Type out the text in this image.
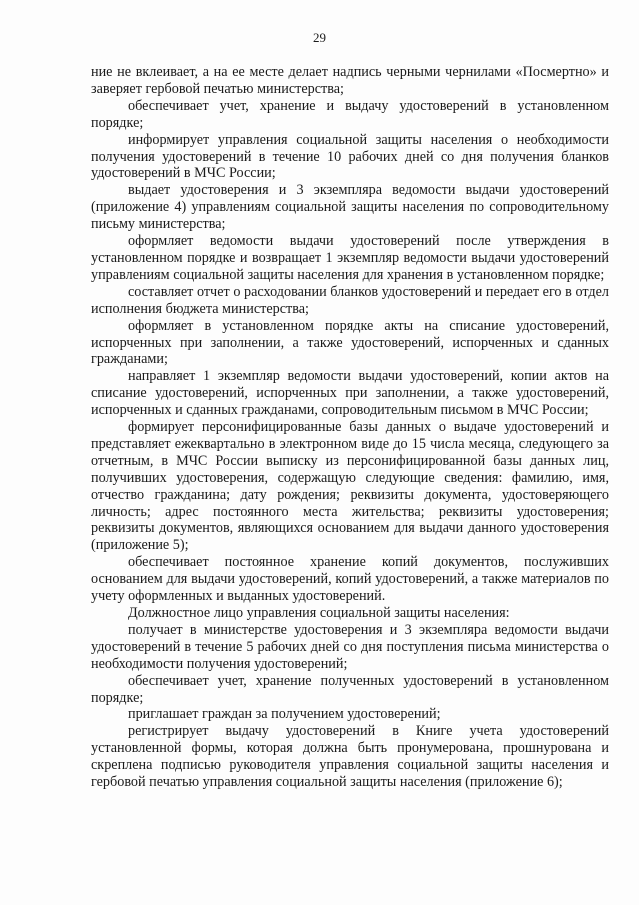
29

ние не вклеивает, а на ее месте делает надпись черными чернилами «Посмертно» и заверяет гербовой печатью министерства;

обеспечивает учет, хранение и выдачу удостоверений в установленном порядке;

информирует управления социальной защиты населения о необходимости получения удостоверений в течение 10 рабочих дней со дня получения бланков удостоверений в МЧС России;

выдает удостоверения и 3 экземпляра ведомости выдачи удостоверений (приложение 4) управлениям социальной защиты населения по сопроводительному письму министерства;

оформляет ведомости выдачи удостоверений после утверждения в установленном порядке и возвращает 1 экземпляр ведомости выдачи удостоверений управлениям социальной защиты населения для хранения в установленном порядке;

составляет отчет о расходовании бланков удостоверений и передает его в отдел исполнения бюджета министерства;

оформляет в установленном порядке акты на списание удостоверений, испорченных при заполнении, а также удостоверений, испорченных и сданных гражданами;

направляет 1 экземпляр ведомости выдачи удостоверений, копии актов на списание удостоверений, испорченных при заполнении, а также удостоверений, испорченных и сданных гражданами, сопроводительным письмом в МЧС России;

формирует персонифицированные базы данных о выдаче удостоверений и представляет ежеквартально в электронном виде до 15 числа месяца, следующего за отчетным, в МЧС России выписку из персонифицированной базы данных лиц, получивших удостоверения, содержащую следующие сведения: фамилию, имя, отчество гражданина; дату рождения; реквизиты документа, удостоверяющего личность; адрес постоянного места жительства; реквизиты удостоверения; реквизиты документов, являющихся основанием для выдачи данного удостоверения (приложение 5);

обеспечивает постоянное хранение копий документов, послуживших основанием для выдачи удостоверений, копий удостоверений, а также материалов по учету оформленных и выданных удостоверений.

Должностное лицо управления социальной защиты населения:

получает в министерстве удостоверения и 3 экземпляра ведомости выдачи удостоверений в течение 5 рабочих дней со дня поступления письма министерства о необходимости получения удостоверений;

обеспечивает учет, хранение полученных удостоверений в установленном порядке;

приглашает граждан за получением удостоверений;

регистрирует выдачу удостоверений в Книге учета удостоверений установленной формы, которая должна быть пронумерована, прошнурована и скреплена подписью руководителя управления социальной защиты населения и гербовой печатью управления социальной защиты населения (приложение 6);
